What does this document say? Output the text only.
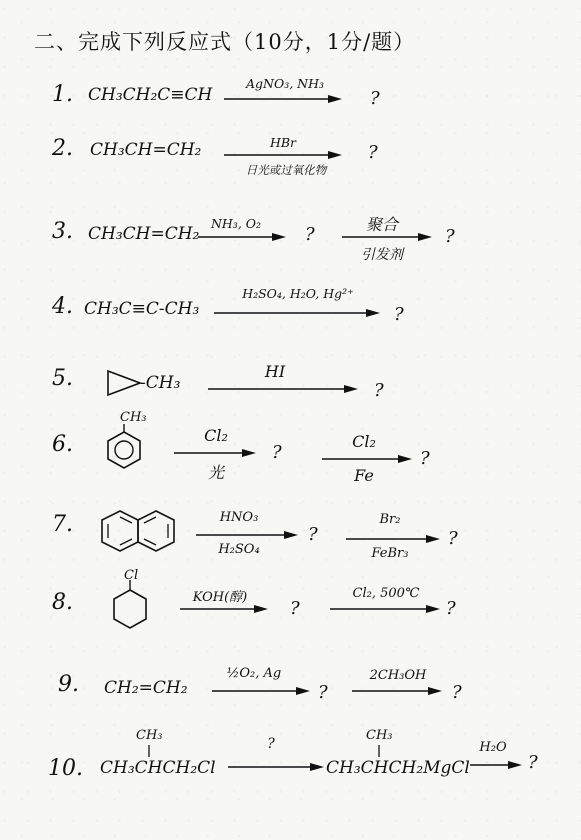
二、完成下列反应式（10分，1分/题）
1. CH₃CH₂C≡CH
AgNO₃, NH₃
?
2. CH₃CH=CH₂	HBr
日光或过氧化物
?
3. CH₃CH=CH₂
NH₃, O₂
?	聚合
引发剂
?
4. CH₃C≡C-CH₃
H₂SO₄, H₂O, Hg²⁺
?
5.	-CH₃
HI
?
6.
CH₃
Cl₂
光
?
Cl₂
Fe
?
7.	HNO₃
H₂SO₄
?
Br₂
FeBr₃
?
8.
Cl
KOH(醇)
?
Cl₂, 500℃
?
9. CH₂=CH₂
½O₂, Ag
?
2CH₃OH
?
10.
CH₃
CH₃CHCH₂Cl
?
CH₃
CH₃CHCH₂MgCl
H₂O
→ ?
